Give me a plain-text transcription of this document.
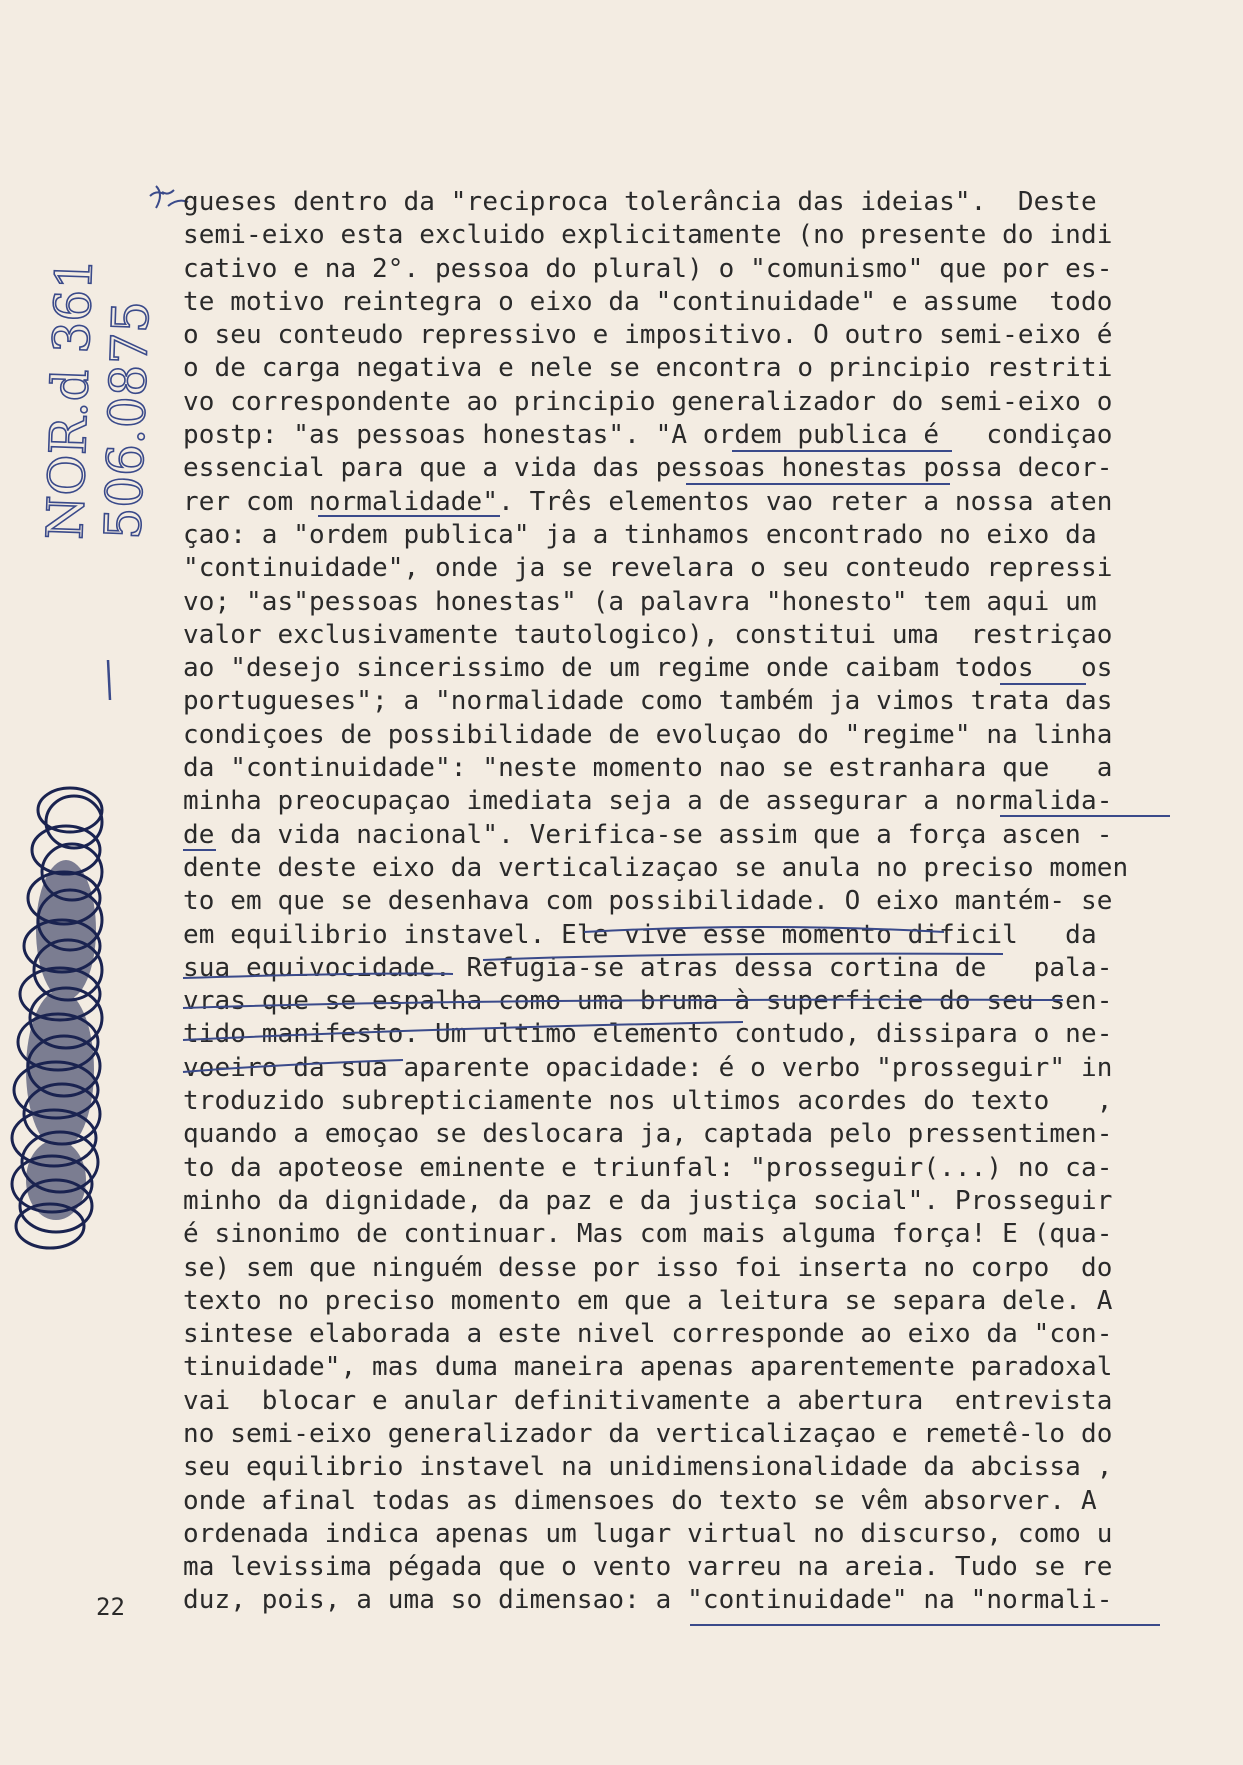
NOR.d 361
506.0875
gueses dentro da "reciproca tolerância das ideias".  Deste
semi-eixo esta excluido explicitamente (no presente do indi
cativo e na 2°. pessoa do plural) o "comunismo" que por es-
te motivo reintegra o eixo da "continuidade" e assume  todo
o seu conteudo repressivo e impositivo. O outro semi-eixo é
o de carga negativa e nele se encontra o principio restriti
vo correspondente ao principio generalizador do semi-eixo o
postp: "as pessoas honestas". "A ordem publica é   condiçao
essencial para que a vida das pessoas honestas possa decor-
rer com normalidade". Três elementos vao reter a nossa aten
çao: a "ordem publica" ja a tinhamos encontrado no eixo da
"continuidade", onde ja se revelara o seu conteudo repressi
vo; "as"pessoas honestas" (a palavra "honesto" tem aqui um
valor exclusivamente tautologico), constitui uma  restriçao
ao "desejo sincerissimo de um regime onde caibam todos   os
portugueses"; a "normalidade como também ja vimos trata das
condiçoes de possibilidade de evoluçao do "regime" na linha
da "continuidade": "neste momento nao se estranhara que   a
minha preocupaçao imediata seja a de assegurar a normalida-
de da vida nacional". Verifica-se assim que a força ascen -
dente deste eixo da verticalizaçao se anula no preciso momen
to em que se desenhava com possibilidade. O eixo mantém- se
em equilibrio instavel. Ele vive esse momento dificil   da
sua equivocidade. Refugia-se atras dessa cortina de   pala-
vras que se espalha como uma bruma à superficie do seu sen-
tido manifesto. Um ultimo elemento contudo, dissipara o ne-
voeiro da sua aparente opacidade: é o verbo "prosseguir" in
troduzido subrepticiamente nos ultimos acordes do texto   ,
quando a emoçao se deslocara ja, captada pelo pressentimen-
to da apoteose eminente e triunfal: "prosseguir(...) no ca-
minho da dignidade, da paz e da justiça social". Prosseguir
é sinonimo de continuar. Mas com mais alguma força! E (qua-
se) sem que ninguém desse por isso foi inserta no corpo  do
texto no preciso momento em que a leitura se separa dele. A
sintese elaborada a este nivel corresponde ao eixo da "con-
tinuidade", mas duma maneira apenas aparentemente paradoxal
vai  blocar e anular definitivamente a abertura  entrevista
no semi-eixo generalizador da verticalizaçao e remetê-lo do
seu equilibrio instavel na unidimensionalidade da abcissa ,
onde afinal todas as dimensoes do texto se vêm absorver. A
ordenada indica apenas um lugar virtual no discurso, como u
ma levissima pégada que o vento varreu na areia. Tudo se re
duz, pois, a uma so dimensao: a "continuidade" na "normali-
22
